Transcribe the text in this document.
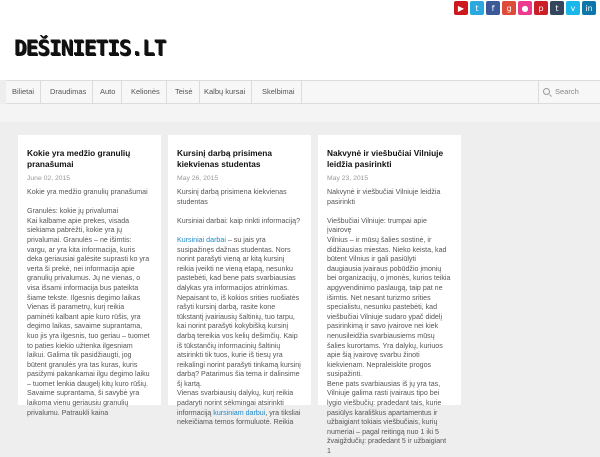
▶	t	f	g	●	p	t	v	in
DEŠINIETIS.LT
Bilietai	Draudimas	Auto	Kelionės	Teisė	Kalbų kursai	Skelbimai	Search
Kokie yra medžio granulių pranašumai
June 02, 2015
Kokie yra medžio granulių pranašumai

Granulės: kokie jų privalumai
Kai kalbame apie prekes, visada siekiama pabrėžti, kokie yra jų privalumai. Granulės – ne išimtis: vargu, ar yra kita informacija, kuris deka geriausiai galėsite suprasti ko yra verta ši prekė, nei informacija apie granulių privalumus. Jų ne vienas, o visa išsami informacija bus pateikta šiame tekste. Ilgesnis degimo laikas
Vienas iš parametrų, kurį reikia paminėti kalbant apie kuro rūšis, yra degimo laikas, savaime suprantama, kuo jis yra ilgesnis, tuo geriau – tuomet to paties kiekio užtenka ilgesniam laikui. Galima tik pasidžiaugti, jog būtent granulės yra tas kuras, kuris pasižymi pakankamai ilgu degimo laiku – tuomet lenkia daugelį kitų kuro rūšių. Savaime suprantama, ši savybė yra laikoma vienu geriausiu granulių privalumu. Patraukli kaina
Kursinį darbą prisimena kiekvienas studentas
May 26, 2015
Kursinį darbą prisimena kiekvienas studentas

Kursiniai darbai: kaip rinkti informaciją?

Kursiniai darbai – su jais yra susipažinęs dažnas studentas. Nors norint parašyti vieną ar kitą kursinį reikia įveikti ne vieną etapą, nesunku pastebėti, kad bene pats svarbiausias dalykas yra informacijos atrinkimas. Nepaisant to, iš kokios srities ruošiatės rašyti kursinį darbą, rasite kone tūkstantį įvairiausių šaltinių, tuo tarpu, kai norint parašyti kokybišką kursinį darbą tereikia vos kelių dešimčių. Kaip iš tūkstančių informacinių šaltinių atsirinkti tik tuos, kurie iš tiesų yra reikalingi norint parašyti tinkamą kursinį darbą? Patarimus šia tema ir dalinsime šį kartą.
Vienas svarbiausių dalykų, kurį reikia padaryti norint sėkmingai atsirinkti informaciją kursiniam darbui, yra tiksliai nekeičiama temos formuluotė. Reikia
Nakvynė ir viešbučiai Vilniuje leidžia pasirinkti
May 23, 2015
Nakvynė ir viešbučiai Vilniuje leidžia pasirinkti

Viešbučiai Vilniuje: trumpai apie įvairovę
Vilnius – ir mūsų šalies sostinė, ir didžiausias miestas. Nieko keista, kad būtent Vilnius ir gali pasiūlyti daugiausia įvairaus pobūdžio įmonių bei organizacijų, o įmonės, kurios teikia apgyvendinimo paslaugą, taip pat ne išimtis. Net nesant turizmo srities specialistu, nesunku pastebėti, kad viešbučiai Vilniuje sudaro ypač didelį pasirinkimą ir savo įvairove nei kiek nenusileidžia svarbiausiems mūsų šalies kurortams. Yra dalykų, kuriuos apie šią įvairovę svarbu žinoti kiekvienam. Nepraleiskite progos susipažinti.
Bene pats svarbiausias iš jų yra tas, Vilniuje galima rasti įvairaus tipo bei lygio viešbučių: pradedant tais, kurie pasiūlys karališkus apartamentus ir užbaigiant tokiais viešbučiais, kurių numeriai – pagal reitingą nuo 1 iki 5 žvaigždučių: pradedant 5 ir užbaigiant 1
